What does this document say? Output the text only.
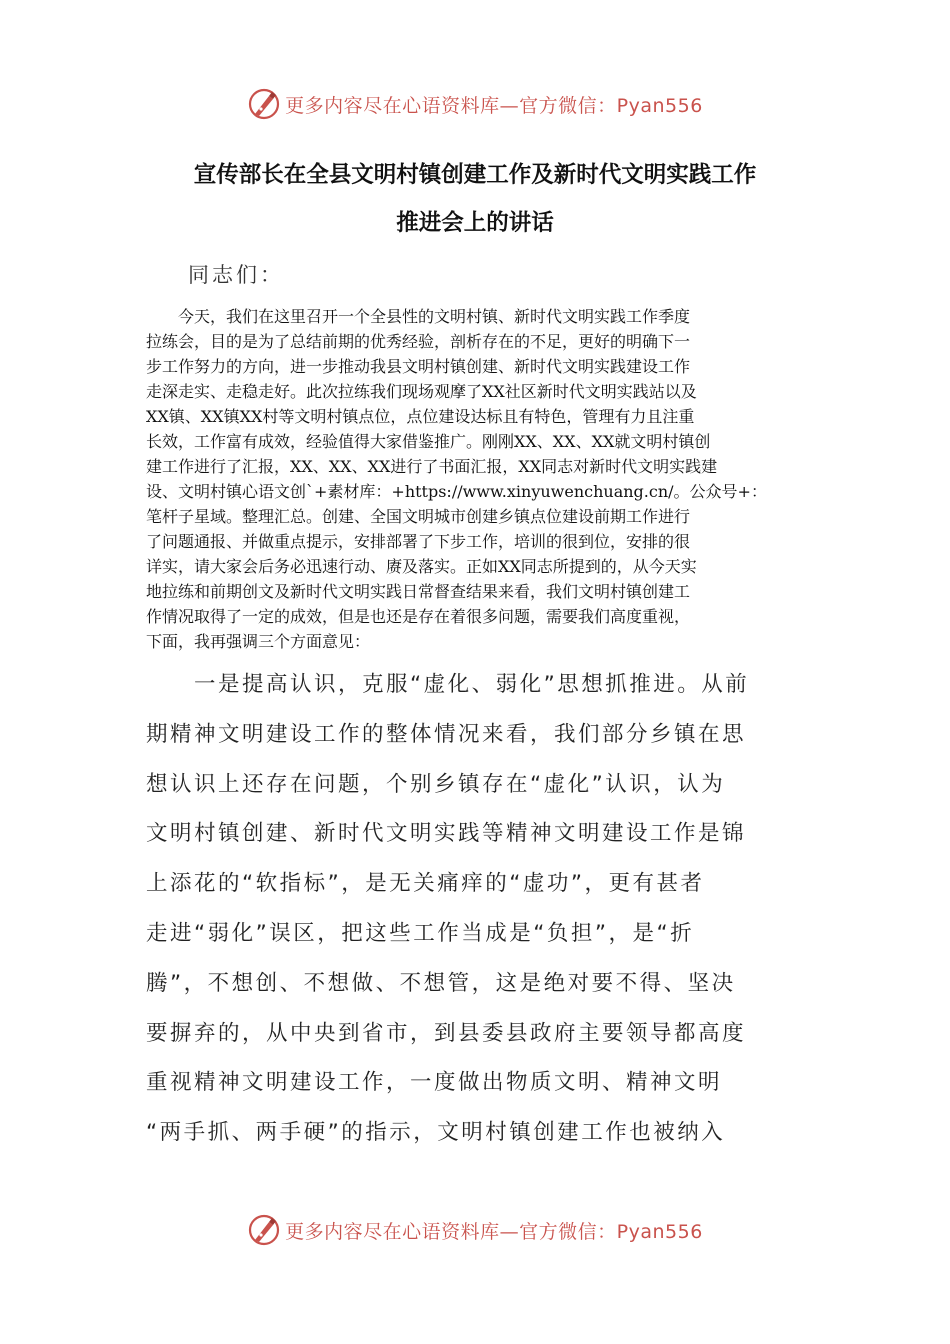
更多内容尽在心语资料库—官方微信：Pyan556
宣传部长在全县文明村镇创建工作及新时代文明实践工作
推进会上的讲话
同志们：
　　今天，我们在这里召开一个全县性的文明村镇、新时代文明实践工作季度
拉练会，目的是为了总结前期的优秀经验，剖析存在的不足，更好的明确下一
步工作努力的方向，进一步推动我县文明村镇创建、新时代文明实践建设工作
走深走实、走稳走好。此次拉练我们现场观摩了XX社区新时代文明实践站以及
XX镇、XX镇XX村等文明村镇点位，点位建设达标且有特色，管理有力且注重
长效，工作富有成效，经验值得大家借鉴推广。刚刚XX、XX、XX就文明村镇创
建工作进行了汇报，XX、XX、XX进行了书面汇报，XX同志对新时代文明实践建
设、文明村镇心语文创`+素材库：+https://www.xinyuwenchuang.cn/。公众号+：
笔杆子星域。整理汇总。创建、全国文明城市创建乡镇点位建设前期工作进行
了问题通报、并做重点提示，安排部署了下步工作，培训的很到位，安排的很
详实，请大家会后务必迅速行动、赓及落实。正如XX同志所提到的，从今天实
地拉练和前期创文及新时代文明实践日常督查结果来看，我们文明村镇创建工
作情况取得了一定的成效，但是也还是存在着很多问题，需要我们高度重视，
下面，我再强调三个方面意见：
　　一是提高认识，克服“虚化、弱化”思想抓推进。从前
期精神文明建设工作的整体情况来看，我们部分乡镇在思
想认识上还存在问题，个别乡镇存在“虚化”认识，认为
文明村镇创建、新时代文明实践等精神文明建设工作是锦
上添花的“软指标”，是无关痛痒的“虚功”，更有甚者
走进“弱化”误区，把这些工作当成是“负担”，是“折
腾”，不想创、不想做、不想管，这是绝对要不得、坚决
要摒弃的，从中央到省市，到县委县政府主要领导都高度
重视精神文明建设工作，一度做出物质文明、精神文明
“两手抓、两手硬”的指示，文明村镇创建工作也被纳入
更多内容尽在心语资料库—官方微信：Pyan556
